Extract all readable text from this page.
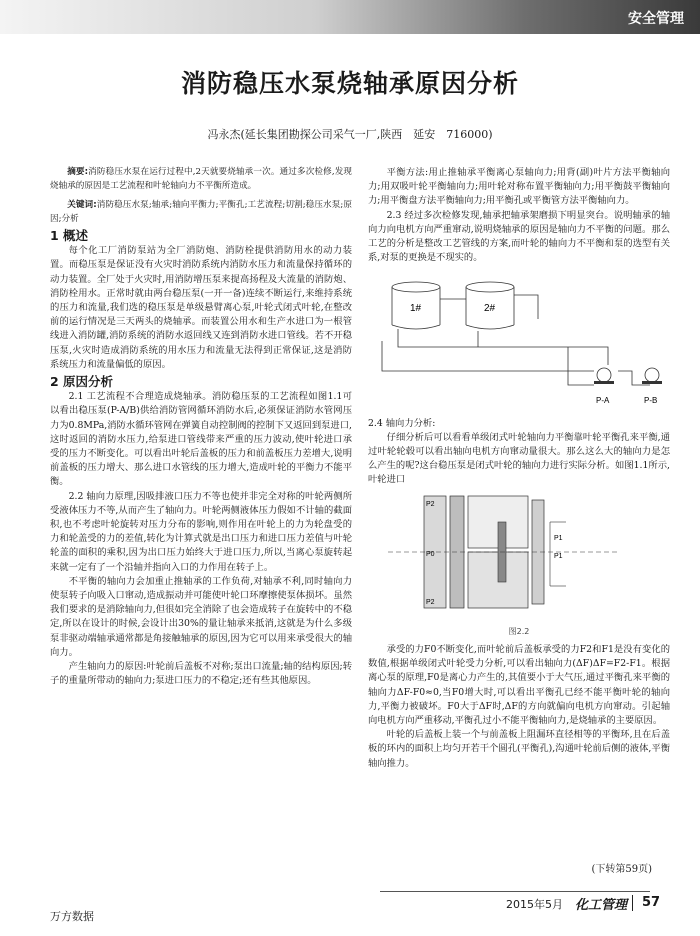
安全管理
消防稳压水泵烧轴承原因分析
冯永杰(延长集团勘探公司采气一厂,陕西　延安　716000)

摘要:消防稳压水泵在运行过程中,2天就要烧轴承一次。通过多次检修,发现烧轴承的原因是工艺流程和叶轮轴向力不平衡所造成。

关键词:消防稳压水泵;轴承;轴向平衡力;平衡孔;工艺流程;切割;稳压水泵;原因;分析

1 概述

每个化工厂消防泵站为全厂消防炮、消防栓提供消防用水的动力装置。而稳压泵是保证没有火灾时消防系统内消防水压力和流量保持循环的动力装置。全厂处于火灾时,用消防增压泵来提高扬程及大流量的消防炮、消防栓用水。正常时就由两台稳压泵(一开一备)连续不断运行,来维持系统的压力和流量,我们选的稳压泵是单级悬臂离心泵,叶轮式闭式叶轮,在整改前的运行情况是三天两头的烧轴承。而装置公用水和生产水进口为一根管线进入消防罐,消防系统的消防水返回线又连到消防水进口管线。若不开稳压泵,火灾时造成消防系统的用水压力和流量无法得到正常保证,这是消防系统压力和流量偏低的原因。

2 原因分析

2.1 工艺流程不合理造成烧轴承。消防稳压泵的工艺流程如图1.1可以看出稳压泵(P-A/B)供给消防管网循环消防水后,必须保证消防水管网压力为0.8MPa,消防水循环管网在弹簧自动控制阀的控制下又返回到泵进口,这时返回的消防水压力,给泵进口管线带来严重的压力波动,使叶轮进口承受的压力不断变化。可以看出叶轮后盖板的压力和前盖板压力差增大,说明前盖板的压力增大、那么进口水管线的压力增大,造成叶轮的平衡力不能平衡。

2.2 轴向力原理,因吸排液口压力不等也使并非完全对称的叶轮两侧所受液体压力不等,从而产生了轴向力。叶轮两侧液体压力假如不计轴的截面积,也不考虑叶轮旋转对压力分布的影响,则作用在叶轮上的力为轮盘受的力和轮盖受的力的差值,转化为计算式就是出口压力和进口压力差值与叶轮轮盖的面积的乘积,因为出口压力始终大于进口压力,所以,当离心泵旋转起来就一定有了一个沿轴并指向入口的力作用在转子上。

不平衡的轴向力会加重止推轴承的工作负荷,对轴承不利,同时轴向力使泵转子向吸入口窜动,造成振动并可能使叶轮口环摩擦使泵体损坏。虽然我们要求的是消除轴向力,但很如完全消除了也会造成转子在旋转中的不稳定,所以在设计的时候,会设计出30%的量让轴承来抵消,这就是为什么多级泵非驱动端轴承通常都是角接触轴承的原因,因为它可以用来承受很大的轴向力。

产生轴向力的原因:叶轮前后盖板不对称;泵出口流量;轴的结构原因;转子的重量所带动的轴向力;泵进口压力的不稳定;还有些其他原因。

平衡方法:用止推轴承平衡离心泵轴向力;用背(副)叶片方法平衡轴向力;用双吸叶轮平衡轴向力;用叶轮对称布置平衡轴向力;用平衡鼓平衡轴向力;用平衡盘方法平衡轴向力;用平衡孔或平衡管方法平衡轴向力。

2.3 经过多次检修发现,轴承把轴承架磨损下明显突台。说明轴承的轴向力向电机方向严重窜动,说明烧轴承的原因是轴向力不平衡的问题。那么工艺的分析是整改工艺管线的方案,而叶轮的轴向力不平衡和泵的选型有关系,对泵的更换是不现实的。

1#	2#
P-A	P-B

2.4 轴向力分析:

仔细分析后可以看看单级闭式叶轮轴向力平衡靠叶轮平衡孔来平衡,通过叶轮轮毂可以看出轴向电机方向窜动量很大。那么这么大的轴向力是怎么产生的呢?这台稳压泵是闭式叶轮的轴向力进行实际分析。如图1.1所示,叶轮进口

P2
P0
P1
P1
P2
图2.2

承受的力F0不断变化,而叶轮前后盖板承受的力F2和F1是没有变化的数值,根据单级闭式叶轮受力分析,可以看出轴向力(ΔF)ΔF=F2-F1。根据离心泵的原理,F0是离心力产生的,其值要小于大气压,通过平衡孔来平衡的轴向力ΔF-F0≈0,当F0增大时,可以看出平衡孔已经不能平衡叶轮的轴向力,平衡力被破坏。F0大于ΔF时,ΔF的方向就偏向电机方向窜动。引起轴向电机方向严重移动,平衡孔过小不能平衡轴向力,是烧轴承的主要原因。

叶轮的后盖板上装一个与前盖板上阻漏环直径相等的平衡环,且在后盖板的环内的面积上均匀开若干个圆孔(平衡孔),沟通叶轮前后侧的液体,平衡轴向推力。

(下转第59页)
2015年5月 化工管理 57
万方数据
